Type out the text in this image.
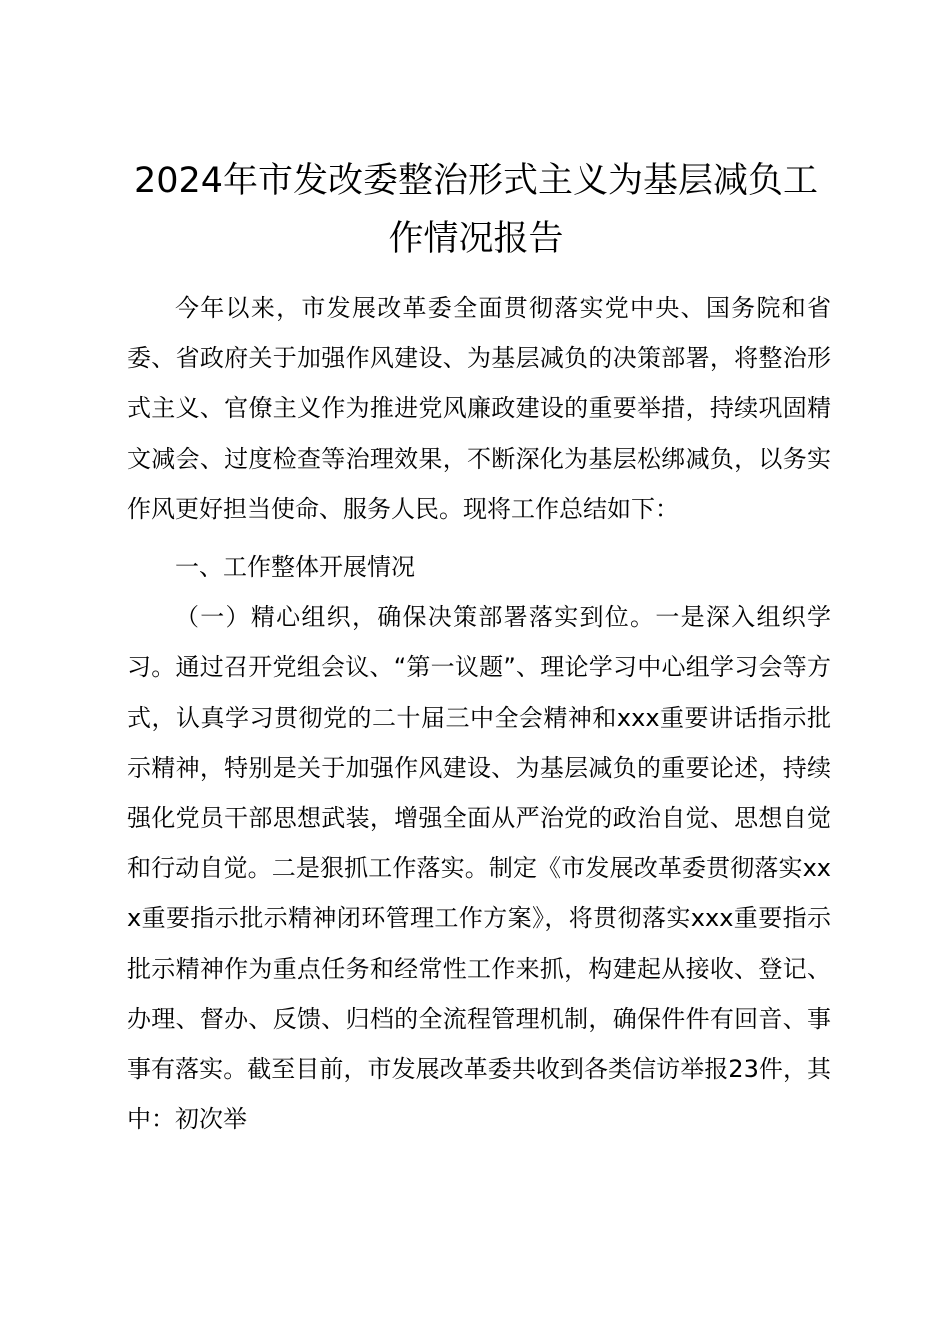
2024年市发改委整治形式主义为基层减负工作情况报告

今年以来，市发展改革委全面贯彻落实党中央、国务院和省委、省政府关于加强作风建设、为基层减负的决策部署，将整治形式主义、官僚主义作为推进党风廉政建设的重要举措，持续巩固精文减会、过度检查等治理效果，不断深化为基层松绑减负，以务实作风更好担当使命、服务人民。现将工作总结如下：

一、工作整体开展情况

（一）精心组织，确保决策部署落实到位。一是深入组织学习。通过召开党组会议、“第一议题”、理论学习中心组学习会等方式，认真学习贯彻党的二十届三中全会精神和xxx重要讲话指示批示精神，特别是关于加强作风建设、为基层减负的重要论述，持续强化党员干部思想武装，增强全面从严治党的政治自觉、思想自觉和行动自觉。二是狠抓工作落实。制定《市发展改革委贯彻落实xxx重要指示批示精神闭环管理工作方案》，将贯彻落实xxx重要指示批示精神作为重点任务和经常性工作来抓，构建起从接收、登记、办理、督办、反馈、归档的全流程管理机制，确保件件有回音、事事有落实。截至目前，市发展改革委共收到各类信访举报23件，其中：初次举
